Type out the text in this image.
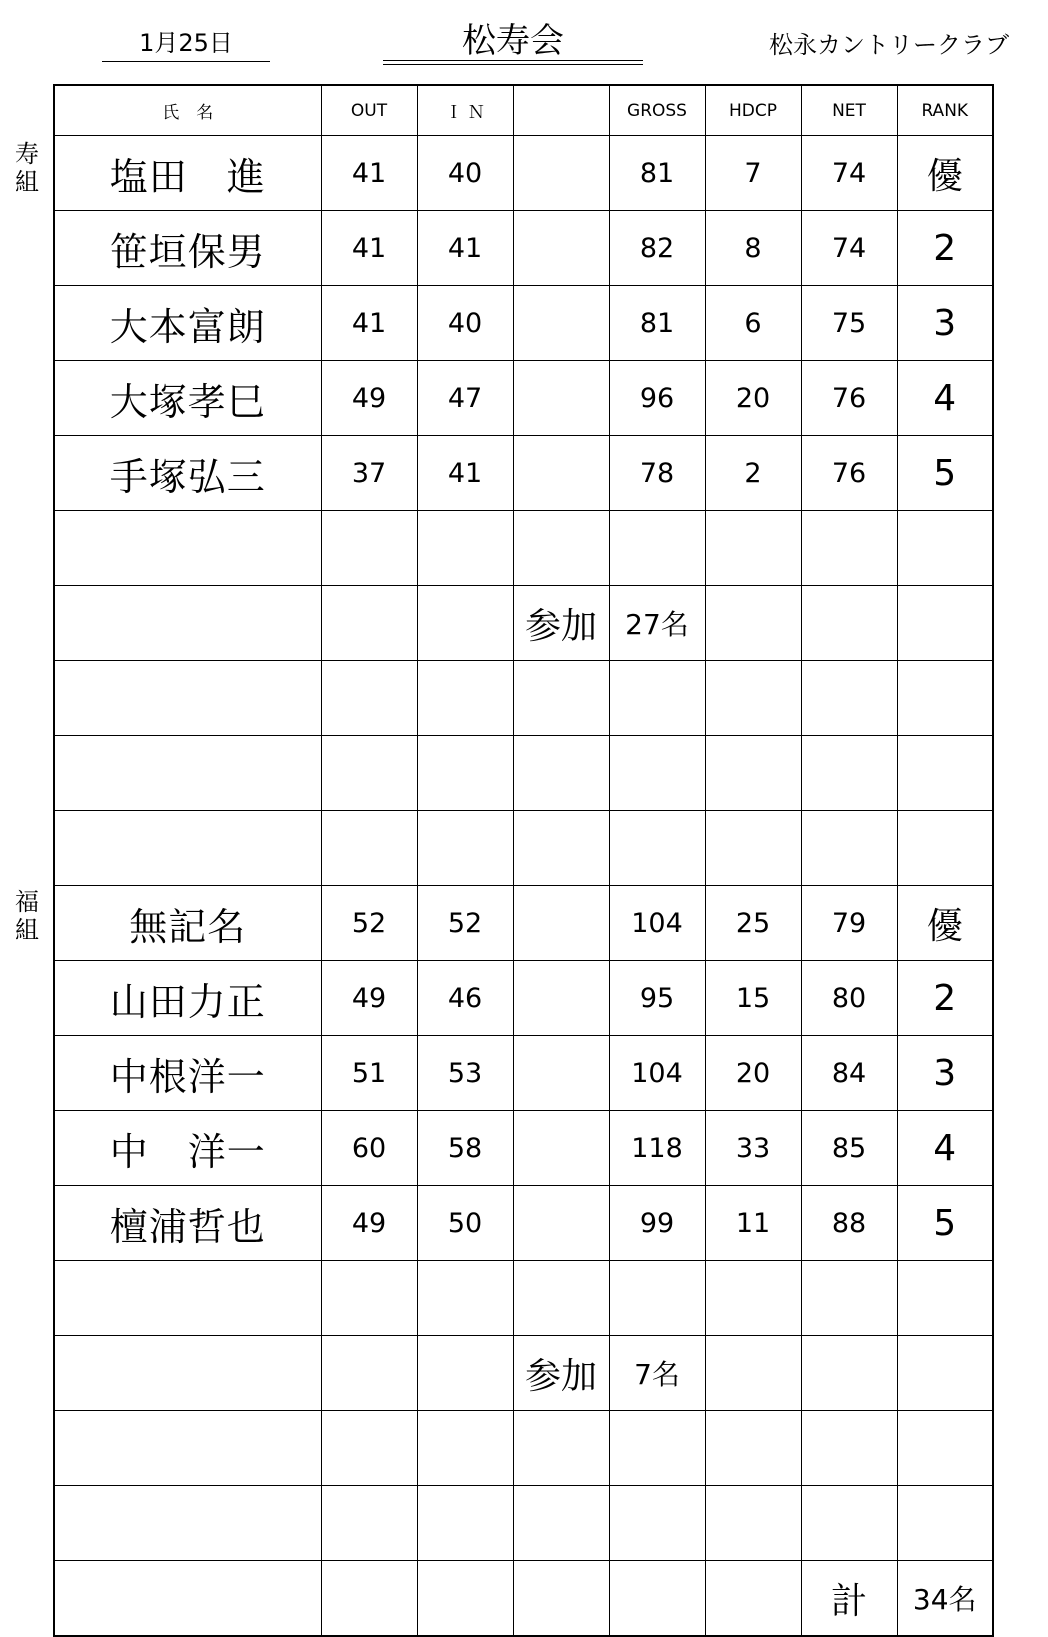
1月25日	松寿会	松永カントリークラブ
寿
組
福
組
氏　名	OUT	Ｉ Ｎ		GROSS	HDCP	NET	RANK
塩田　進	41	40		81	7	74	優
笹垣保男	41	41		82	8	74	2
大本富朗	41	40		81	6	75	3
大塚孝巳	49	47		96	20	76	4
手塚弘三	37	41		78	2	76	5

			参加	27名			

無記名	52	52		104	25	79	優
山田力正	49	46		95	15	80	2
中根洋一	51	53		104	20	84	3
中　洋一	60	58		118	33	85	4
檀浦哲也	49	50		99	11	88	5

			参加	7名			

						計	34名
